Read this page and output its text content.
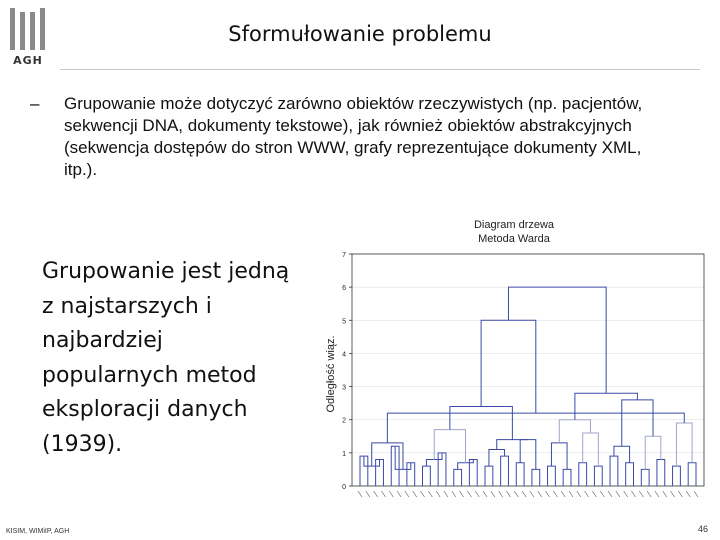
AGH
Sformułowanie problemu
– Grupowanie może dotyczyć zarówno obiektów rzeczywistych (np. pacjentów, sekwencji DNA, dokumenty tekstowe), jak również obiektów abstrakcyjnych (sekwencja dostępów do stron WWW, grafy reprezentujące dokumenty XML, itp.).
Grupowanie jest jedną z najstarszych i najbardziej popularnych metod eksploracji danych (1939).
Diagram drzewa
Metoda Warda
Odległość wiąz.
0
1
2
3
4
5
6
7
KISIM, WIMiIP, AGH	46
